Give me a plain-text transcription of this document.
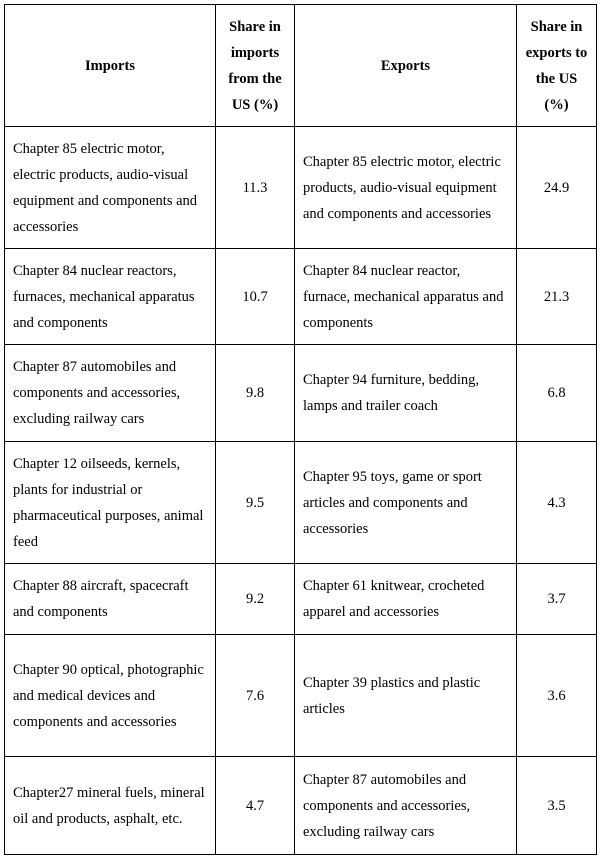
Imports	Share in imports from the US (%)	Exports	Share in exports to the US (%)
Chapter 85 electric motor, electric products, audio-visual equipment and components and accessories	11.3	Chapter 85 electric motor, electric products, audio-visual equipment and components and accessories	24.9
Chapter 84 nuclear reactors, furnaces, mechanical apparatus and components	10.7	Chapter 84 nuclear reactor, furnace, mechanical apparatus and components	21.3
Chapter 87 automobiles and components and accessories, excluding railway cars	9.8	Chapter 94 furniture, bedding, lamps and trailer coach	6.8
Chapter 12 oilseeds, kernels, plants for industrial or pharmaceutical purposes, animal feed	9.5	Chapter 95 toys, game or sport articles and components and accessories	4.3
Chapter 88 aircraft, spacecraft and components	9.2	Chapter 61 knitwear, crocheted apparel and accessories	3.7
Chapter 90 optical, photographic and medical devices and components and accessories	7.6	Chapter 39 plastics and plastic articles	3.6
Chapter27 mineral fuels, mineral oil and products, asphalt, etc.	4.7	Chapter 87 automobiles and components and accessories, excluding railway cars	3.5
